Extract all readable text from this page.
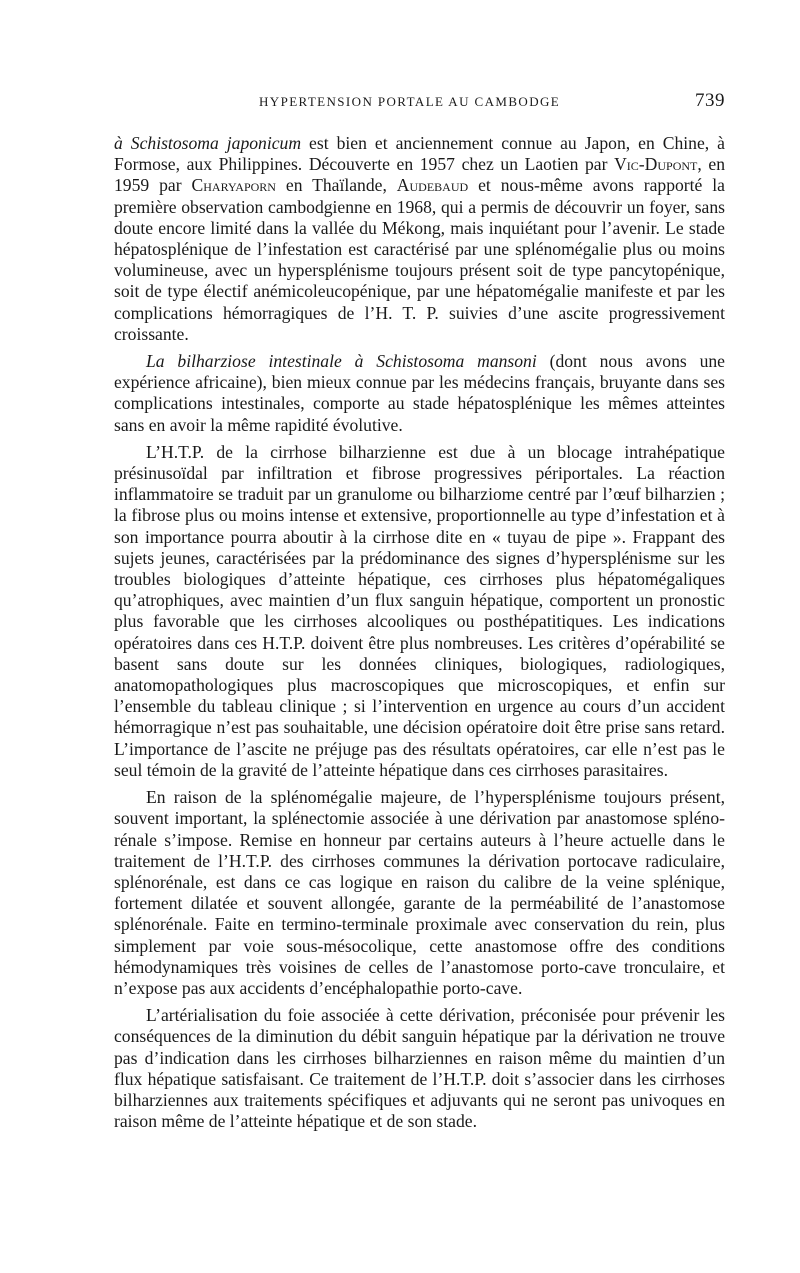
HYPERTENSION PORTALE AU CAMBODGE	739

à Schistosoma japonicum est bien et anciennement connue au Japon, en Chine, à Formose, aux Philippines. Découverte en 1957 chez un Laotien par Vic-Dupont, en 1959 par Charyaporn en Thaïlande, Audebaud et nous-même avons rapporté la première observation cambodgienne en 1968, qui a permis de découvrir un foyer, sans doute encore limité dans la vallée du Mékong, mais inquiétant pour l’avenir. Le stade hépatosplénique de l’infestation est caractérisé par une splénomégalie plus ou moins volumineuse, avec un hypersplénisme toujours présent soit de type pancytopénique, soit de type électif anémicoleucopénique, par une hépatomégalie manifeste et par les complications hémorragiques de l’H. T. P. suivies d’une ascite progressivement croissante.

La bilharziose intestinale à Schistosoma mansoni (dont nous avons une expérience africaine), bien mieux connue par les médecins français, bruyante dans ses complications intestinales, comporte au stade hépatosplénique les mêmes atteintes sans en avoir la même rapidité évolutive.

L’H.T.P. de la cirrhose bilharzienne est due à un blocage intrahépatique présinusoïdal par infiltration et fibrose progressives périportales. La réaction inflammatoire se traduit par un granulome ou bilharziome centré par l’œuf bilharzien ; la fibrose plus ou moins intense et extensive, proportionnelle au type d’infestation et à son importance pourra aboutir à la cirrhose dite en « tuyau de pipe ». Frappant des sujets jeunes, caractérisées par la prédominance des signes d’hypersplénisme sur les troubles biologiques d’atteinte hépatique, ces cirrhoses plus hépatomégaliques qu’atrophiques, avec maintien d’un flux sanguin hépatique, comportent un pronostic plus favorable que les cirrhoses alcooliques ou posthépatitiques. Les indications opératoires dans ces H.T.P. doivent être plus nombreuses. Les critères d’opérabilité se basent sans doute sur les données cliniques, biologiques, radiologiques, anatomopathologiques plus macroscopiques que microscopiques, et enfin sur l’ensemble du tableau clinique ; si l’intervention en urgence au cours d’un accident hémorragique n’est pas souhaitable, une décision opératoire doit être prise sans retard. L’importance de l’ascite ne préjuge pas des résultats opératoires, car elle n’est pas le seul témoin de la gravité de l’atteinte hépatique dans ces cirrhoses parasitaires.

En raison de la splénomégalie majeure, de l’hypersplénisme toujours présent, souvent important, la splénectomie associée à une dérivation par anastomose spléno-rénale s’impose. Remise en honneur par certains auteurs à l’heure actuelle dans le traitement de l’H.T.P. des cirrhoses communes la dérivation portocave radiculaire, splénorénale, est dans ce cas logique en raison du calibre de la veine splénique, fortement dilatée et souvent allongée, garante de la perméabilité de l’anastomose splénorénale. Faite en termino-terminale proximale avec conservation du rein, plus simplement par voie sous-mésocolique, cette anastomose offre des conditions hémodynamiques très voisines de celles de l’anastomose porto-cave tronculaire, et n’expose pas aux accidents d’encéphalopathie porto-cave.

L’artérialisation du foie associée à cette dérivation, préconisée pour prévenir les conséquences de la diminution du débit sanguin hépatique par la dérivation ne trouve pas d’indication dans les cirrhoses bilharziennes en raison même du maintien d’un flux hépatique satisfaisant. Ce traitement de l’H.T.P. doit s’associer dans les cirrhoses bilharziennes aux traitements spécifiques et adjuvants qui ne seront pas univoques en raison même de l’atteinte hépatique et de son stade.
